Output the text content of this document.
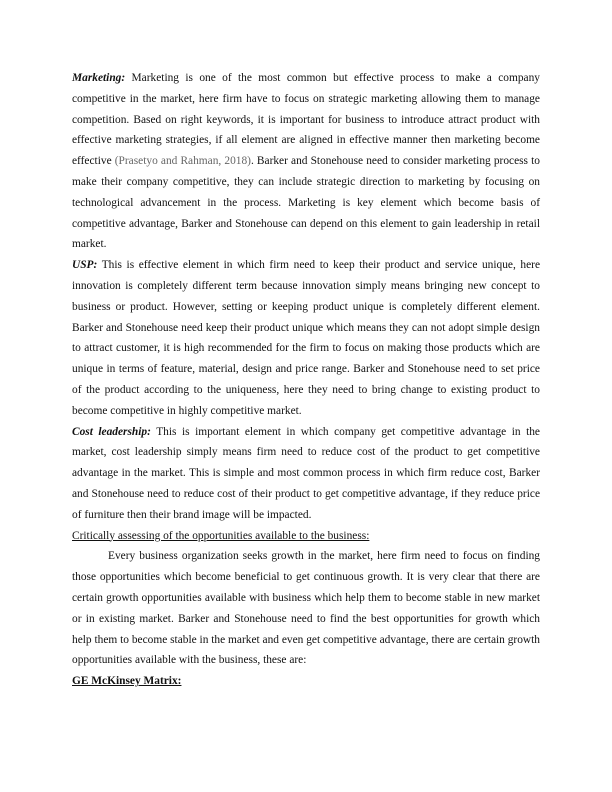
Marketing: Marketing is one of the most common but effective process to make a company competitive in the market, here firm have to focus on strategic marketing allowing them to manage competition. Based on right keywords, it is important for business to introduce attract product with effective marketing strategies, if all element are aligned in effective manner then marketing become effective (Prasetyo and Rahman, 2018). Barker and Stonehouse need to consider marketing process to make their company competitive, they can include strategic direction to marketing by focusing on technological advancement in the process. Marketing is key element which become basis of competitive advantage, Barker and Stonehouse can depend on this element to gain leadership in retail market.

USP: This is effective element in which firm need to keep their product and service unique, here innovation is completely different term because innovation simply means bringing new concept to business or product. However, setting or keeping product unique is completely different element. Barker and Stonehouse need keep their product unique which means they can not adopt simple design to attract customer, it is high recommended for the firm to focus on making those products which are unique in terms of feature, material, design and price range. Barker and Stonehouse need to set price of the product according to the uniqueness, here they need to bring change to existing product to become competitive in highly competitive market.

Cost leadership: This is important element in which company get competitive advantage in the market, cost leadership simply means firm need to reduce cost of the product to get competitive advantage in the market. This is simple and most common process in which firm reduce cost, Barker and Stonehouse need to reduce cost of their product to get competitive advantage, if they reduce price of furniture then their brand image will be impacted.

Critically assessing of the opportunities available to the business:

Every business organization seeks growth in the market, here firm need to focus on finding those opportunities which become beneficial to get continuous growth. It is very clear that there are certain growth opportunities available with business which help them to become stable in new market or in existing market. Barker and Stonehouse need to find the best opportunities for growth which help them to become stable in the market and even get competitive advantage, there are certain growth opportunities available with the business, these are:

GE McKinsey Matrix:
